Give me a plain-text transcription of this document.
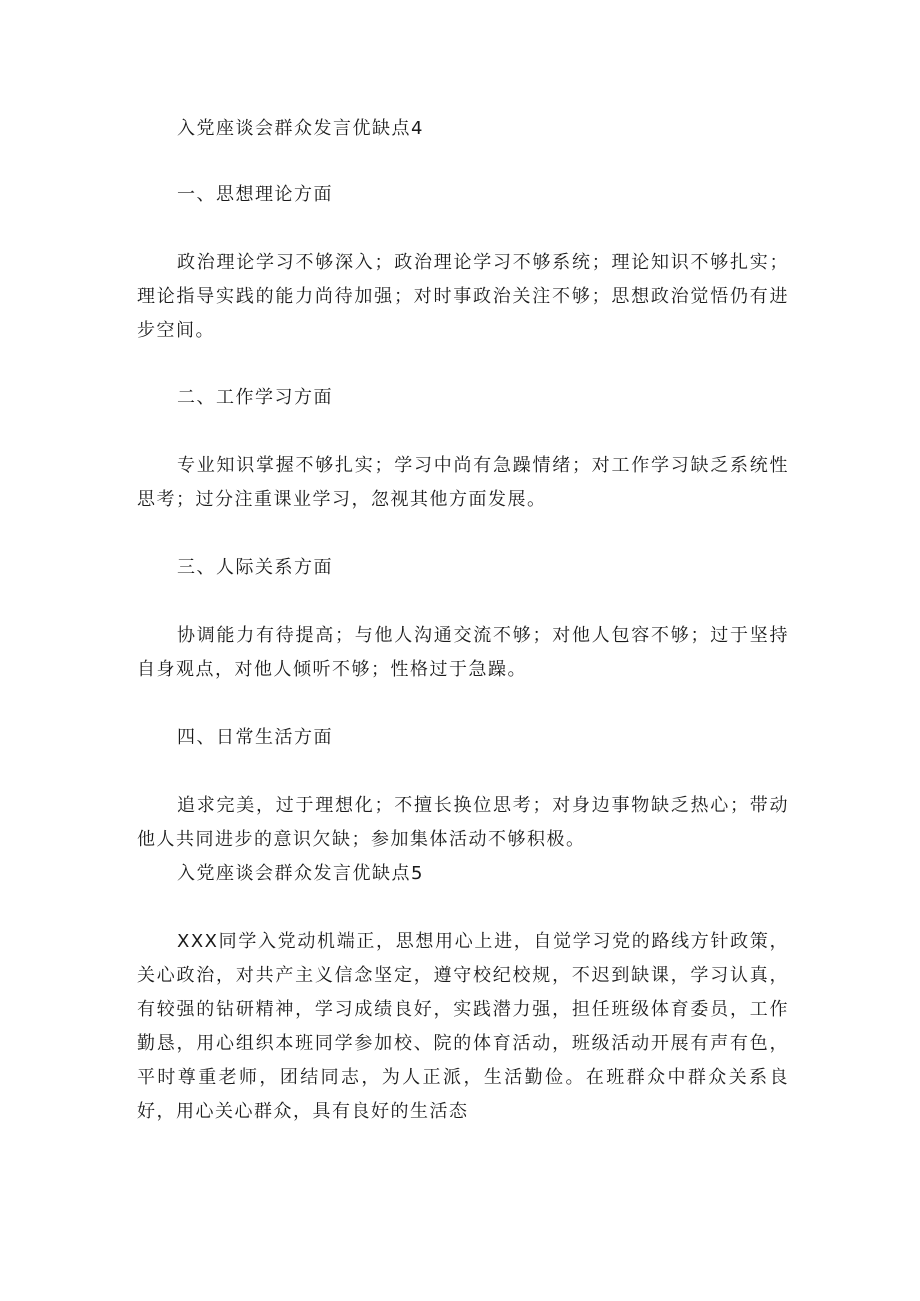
入党座谈会群众发言优缺点4
一、思想理论方面
政治理论学习不够深入；政治理论学习不够系统；理论知识不够扎实；理论指导实践的能力尚待加强；对时事政治关注不够；思想政治觉悟仍有进步空间。
二、工作学习方面
专业知识掌握不够扎实；学习中尚有急躁情绪；对工作学习缺乏系统性思考；过分注重课业学习，忽视其他方面发展。
三、人际关系方面
协调能力有待提高；与他人沟通交流不够；对他人包容不够；过于坚持自身观点，对他人倾听不够；性格过于急躁。
四、日常生活方面
追求完美，过于理想化；不擅长换位思考；对身边事物缺乏热心；带动他人共同进步的意识欠缺；参加集体活动不够积极。
入党座谈会群众发言优缺点5
XXX同学入党动机端正，思想用心上进，自觉学习党的路线方针政策，关心政治，对共产主义信念坚定，遵守校纪校规，不迟到缺课，学习认真，有较强的钻研精神，学习成绩良好，实践潜力强，担任班级体育委员，工作勤恳，用心组织本班同学参加校、院的体育活动，班级活动开展有声有色，平时尊重老师，团结同志，为人正派，生活勤俭。在班群众中群众关系良好，用心关心群众，具有良好的生活态
